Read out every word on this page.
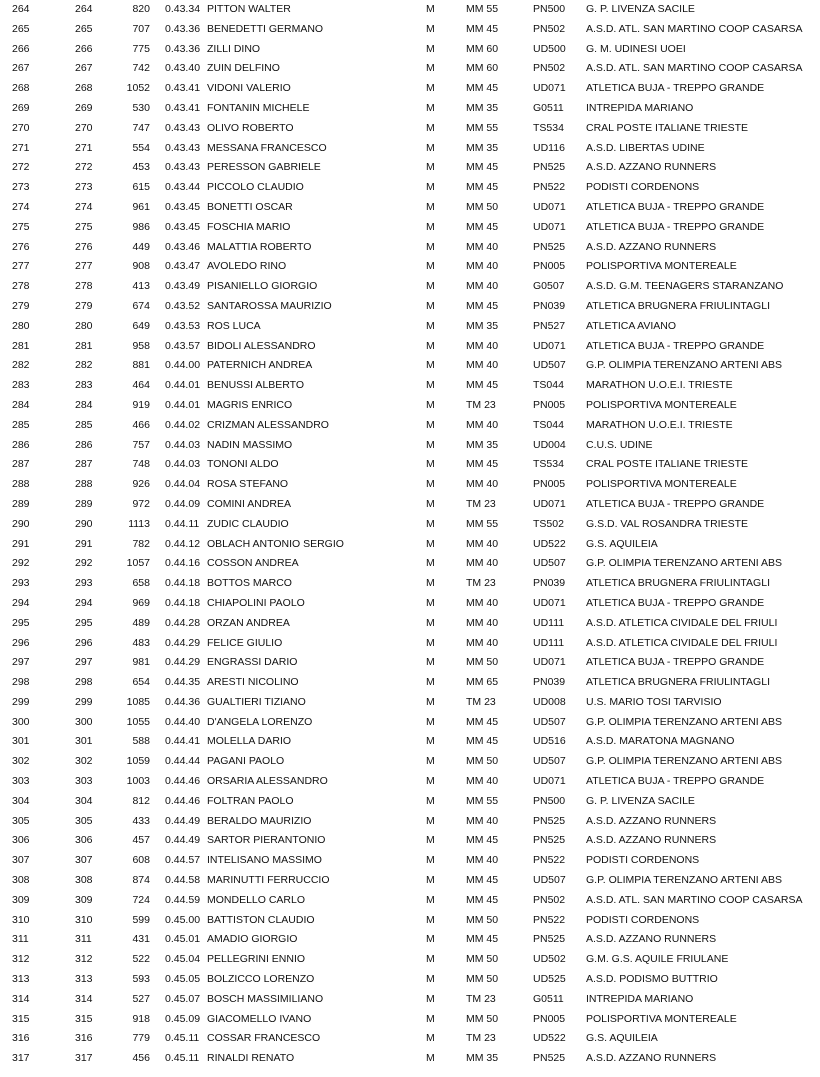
264	264	820 0.43.34 PITTON WALTER	M	MM 55	PN500 G. P. LIVENZA SACILE
265	265	707 0.43.36 BENEDETTI GERMANO	M	MM 45	PN502 A.S.D. ATL. SAN MARTINO COOP CASARSA
266	266	775 0.43.36 ZILLI DINO	M	MM 60	UD500 G. M. UDINESI UOEI
267	267	742 0.43.40 ZUIN DELFINO	M	MM 60	PN502 A.S.D. ATL. SAN MARTINO COOP CASARSA
268	268	1052 0.43.41 VIDONI VALERIO	M	MM 45	UD071 ATLETICA BUJA - TREPPO GRANDE
269	269	530 0.43.41 FONTANIN MICHELE	M	MM 35	G0511 INTREPIDA MARIANO
270	270	747 0.43.43 OLIVO ROBERTO	M	MM 55	TS534 CRAL POSTE ITALIANE TRIESTE
271	271	554 0.43.43 MESSANA FRANCESCO	M	MM 35	UD116 A.S.D. LIBERTAS UDINE
272	272	453 0.43.43 PERESSON GABRIELE	M	MM 45	PN525 A.S.D. AZZANO RUNNERS
273	273	615 0.43.44 PICCOLO CLAUDIO	M	MM 45	PN522 PODISTI CORDENONS
274	274	961 0.43.45 BONETTI OSCAR	M	MM 50	UD071 ATLETICA BUJA - TREPPO GRANDE
275	275	986 0.43.45 FOSCHIA MARIO	M	MM 45	UD071 ATLETICA BUJA - TREPPO GRANDE
276	276	449 0.43.46 MALATTIA ROBERTO	M	MM 40	PN525 A.S.D. AZZANO RUNNERS
277	277	908 0.43.47 AVOLEDO RINO	M	MM 40	PN005 POLISPORTIVA MONTEREALE
278	278	413 0.43.49 PISANIELLO GIORGIO	M	MM 40	G0507 A.S.D. G.M. TEENAGERS STARANZANO
279	279	674 0.43.52 SANTAROSSA MAURIZIO	M	MM 45	PN039 ATLETICA BRUGNERA FRIULINTAGLI
280	280	649 0.43.53 ROS LUCA	M	MM 35	PN527 ATLETICA AVIANO
281	281	958 0.43.57 BIDOLI ALESSANDRO	M	MM 40	UD071 ATLETICA BUJA - TREPPO GRANDE
282	282	881 0.44.00 PATERNICH ANDREA	M	MM 40	UD507 G.P. OLIMPIA TERENZANO ARTENI ABS
283	283	464 0.44.01 BENUSSI ALBERTO	M	MM 45	TS044 MARATHON U.O.E.I. TRIESTE
284	284	919 0.44.01 MAGRIS ENRICO	M	TM 23	PN005 POLISPORTIVA MONTEREALE
285	285	466 0.44.02 CRIZMAN ALESSANDRO	M	MM 40	TS044 MARATHON U.O.E.I. TRIESTE
286	286	757 0.44.03 NADIN MASSIMO	M	MM 35	UD004 C.U.S. UDINE
287	287	748 0.44.03 TONONI ALDO	M	MM 45	TS534 CRAL POSTE ITALIANE TRIESTE
288	288	926 0.44.04 ROSA STEFANO	M	MM 40	PN005 POLISPORTIVA MONTEREALE
289	289	972 0.44.09 COMINI ANDREA	M	TM 23	UD071 ATLETICA BUJA - TREPPO GRANDE
290	290	1113 0.44.11 ZUDIC CLAUDIO	M	MM 55	TS502 G.S.D. VAL ROSANDRA TRIESTE
291	291	782 0.44.12 OBLACH ANTONIO SERGIO	M	MM 40	UD522 G.S. AQUILEIA
292	292	1057 0.44.16 COSSON ANDREA	M	MM 40	UD507 G.P. OLIMPIA TERENZANO ARTENI ABS
293	293	658 0.44.18 BOTTOS MARCO	M	TM 23	PN039 ATLETICA BRUGNERA FRIULINTAGLI
294	294	969 0.44.18 CHIAPOLINI PAOLO	M	MM 40	UD071 ATLETICA BUJA - TREPPO GRANDE
295	295	489 0.44.28 ORZAN ANDREA	M	MM 40	UD111 A.S.D. ATLETICA CIVIDALE DEL FRIULI
296	296	483 0.44.29 FELICE GIULIO	M	MM 40	UD111 A.S.D. ATLETICA CIVIDALE DEL FRIULI
297	297	981 0.44.29 ENGRASSI DARIO	M	MM 50	UD071 ATLETICA BUJA - TREPPO GRANDE
298	298	654 0.44.35 ARESTI NICOLINO	M	MM 65	PN039 ATLETICA BRUGNERA FRIULINTAGLI
299	299	1085 0.44.36 GUALTIERI TIZIANO	M	TM 23	UD008 U.S. MARIO TOSI TARVISIO
300	300	1055 0.44.40 D'ANGELA LORENZO	M	MM 45	UD507 G.P. OLIMPIA TERENZANO ARTENI ABS
301	301	588 0.44.41 MOLELLA DARIO	M	MM 45	UD516 A.S.D. MARATONA MAGNANO
302	302	1059 0.44.44 PAGANI PAOLO	M	MM 50	UD507 G.P. OLIMPIA TERENZANO ARTENI ABS
303	303	1003 0.44.46 ORSARIA ALESSANDRO	M	MM 40	UD071 ATLETICA BUJA - TREPPO GRANDE
304	304	812 0.44.46 FOLTRAN PAOLO	M	MM 55	PN500 G. P. LIVENZA SACILE
305	305	433 0.44.49 BERALDO MAURIZIO	M	MM 40	PN525 A.S.D. AZZANO RUNNERS
306	306	457 0.44.49 SARTOR PIERANTONIO	M	MM 45	PN525 A.S.D. AZZANO RUNNERS
307	307	608 0.44.57 INTELISANO MASSIMO	M	MM 40	PN522 PODISTI CORDENONS
308	308	874 0.44.58 MARINUTTI FERRUCCIO	M	MM 45	UD507 G.P. OLIMPIA TERENZANO ARTENI ABS
309	309	724 0.44.59 MONDELLO CARLO	M	MM 45	PN502 A.S.D. ATL. SAN MARTINO COOP CASARSA
310	310	599 0.45.00 BATTISTON CLAUDIO	M	MM 50	PN522 PODISTI CORDENONS
311	311	431 0.45.01 AMADIO GIORGIO	M	MM 45	PN525 A.S.D. AZZANO RUNNERS
312	312	522 0.45.04 PELLEGRINI ENNIO	M	MM 50	UD502 G.M. G.S. AQUILE FRIULANE
313	313	593 0.45.05 BOLZICCO LORENZO	M	MM 50	UD525 A.S.D. PODISMO BUTTRIO
314	314	527 0.45.07 BOSCH MASSIMILIANO	M	TM 23	G0511 INTREPIDA MARIANO
315	315	918 0.45.09 GIACOMELLO IVANO	M	MM 50	PN005 POLISPORTIVA MONTEREALE
316	316	779 0.45.11 COSSAR FRANCESCO	M	TM 23	UD522 G.S. AQUILEIA
317	317	456 0.45.11 RINALDI RENATO	M	MM 35	PN525 A.S.D. AZZANO RUNNERS
